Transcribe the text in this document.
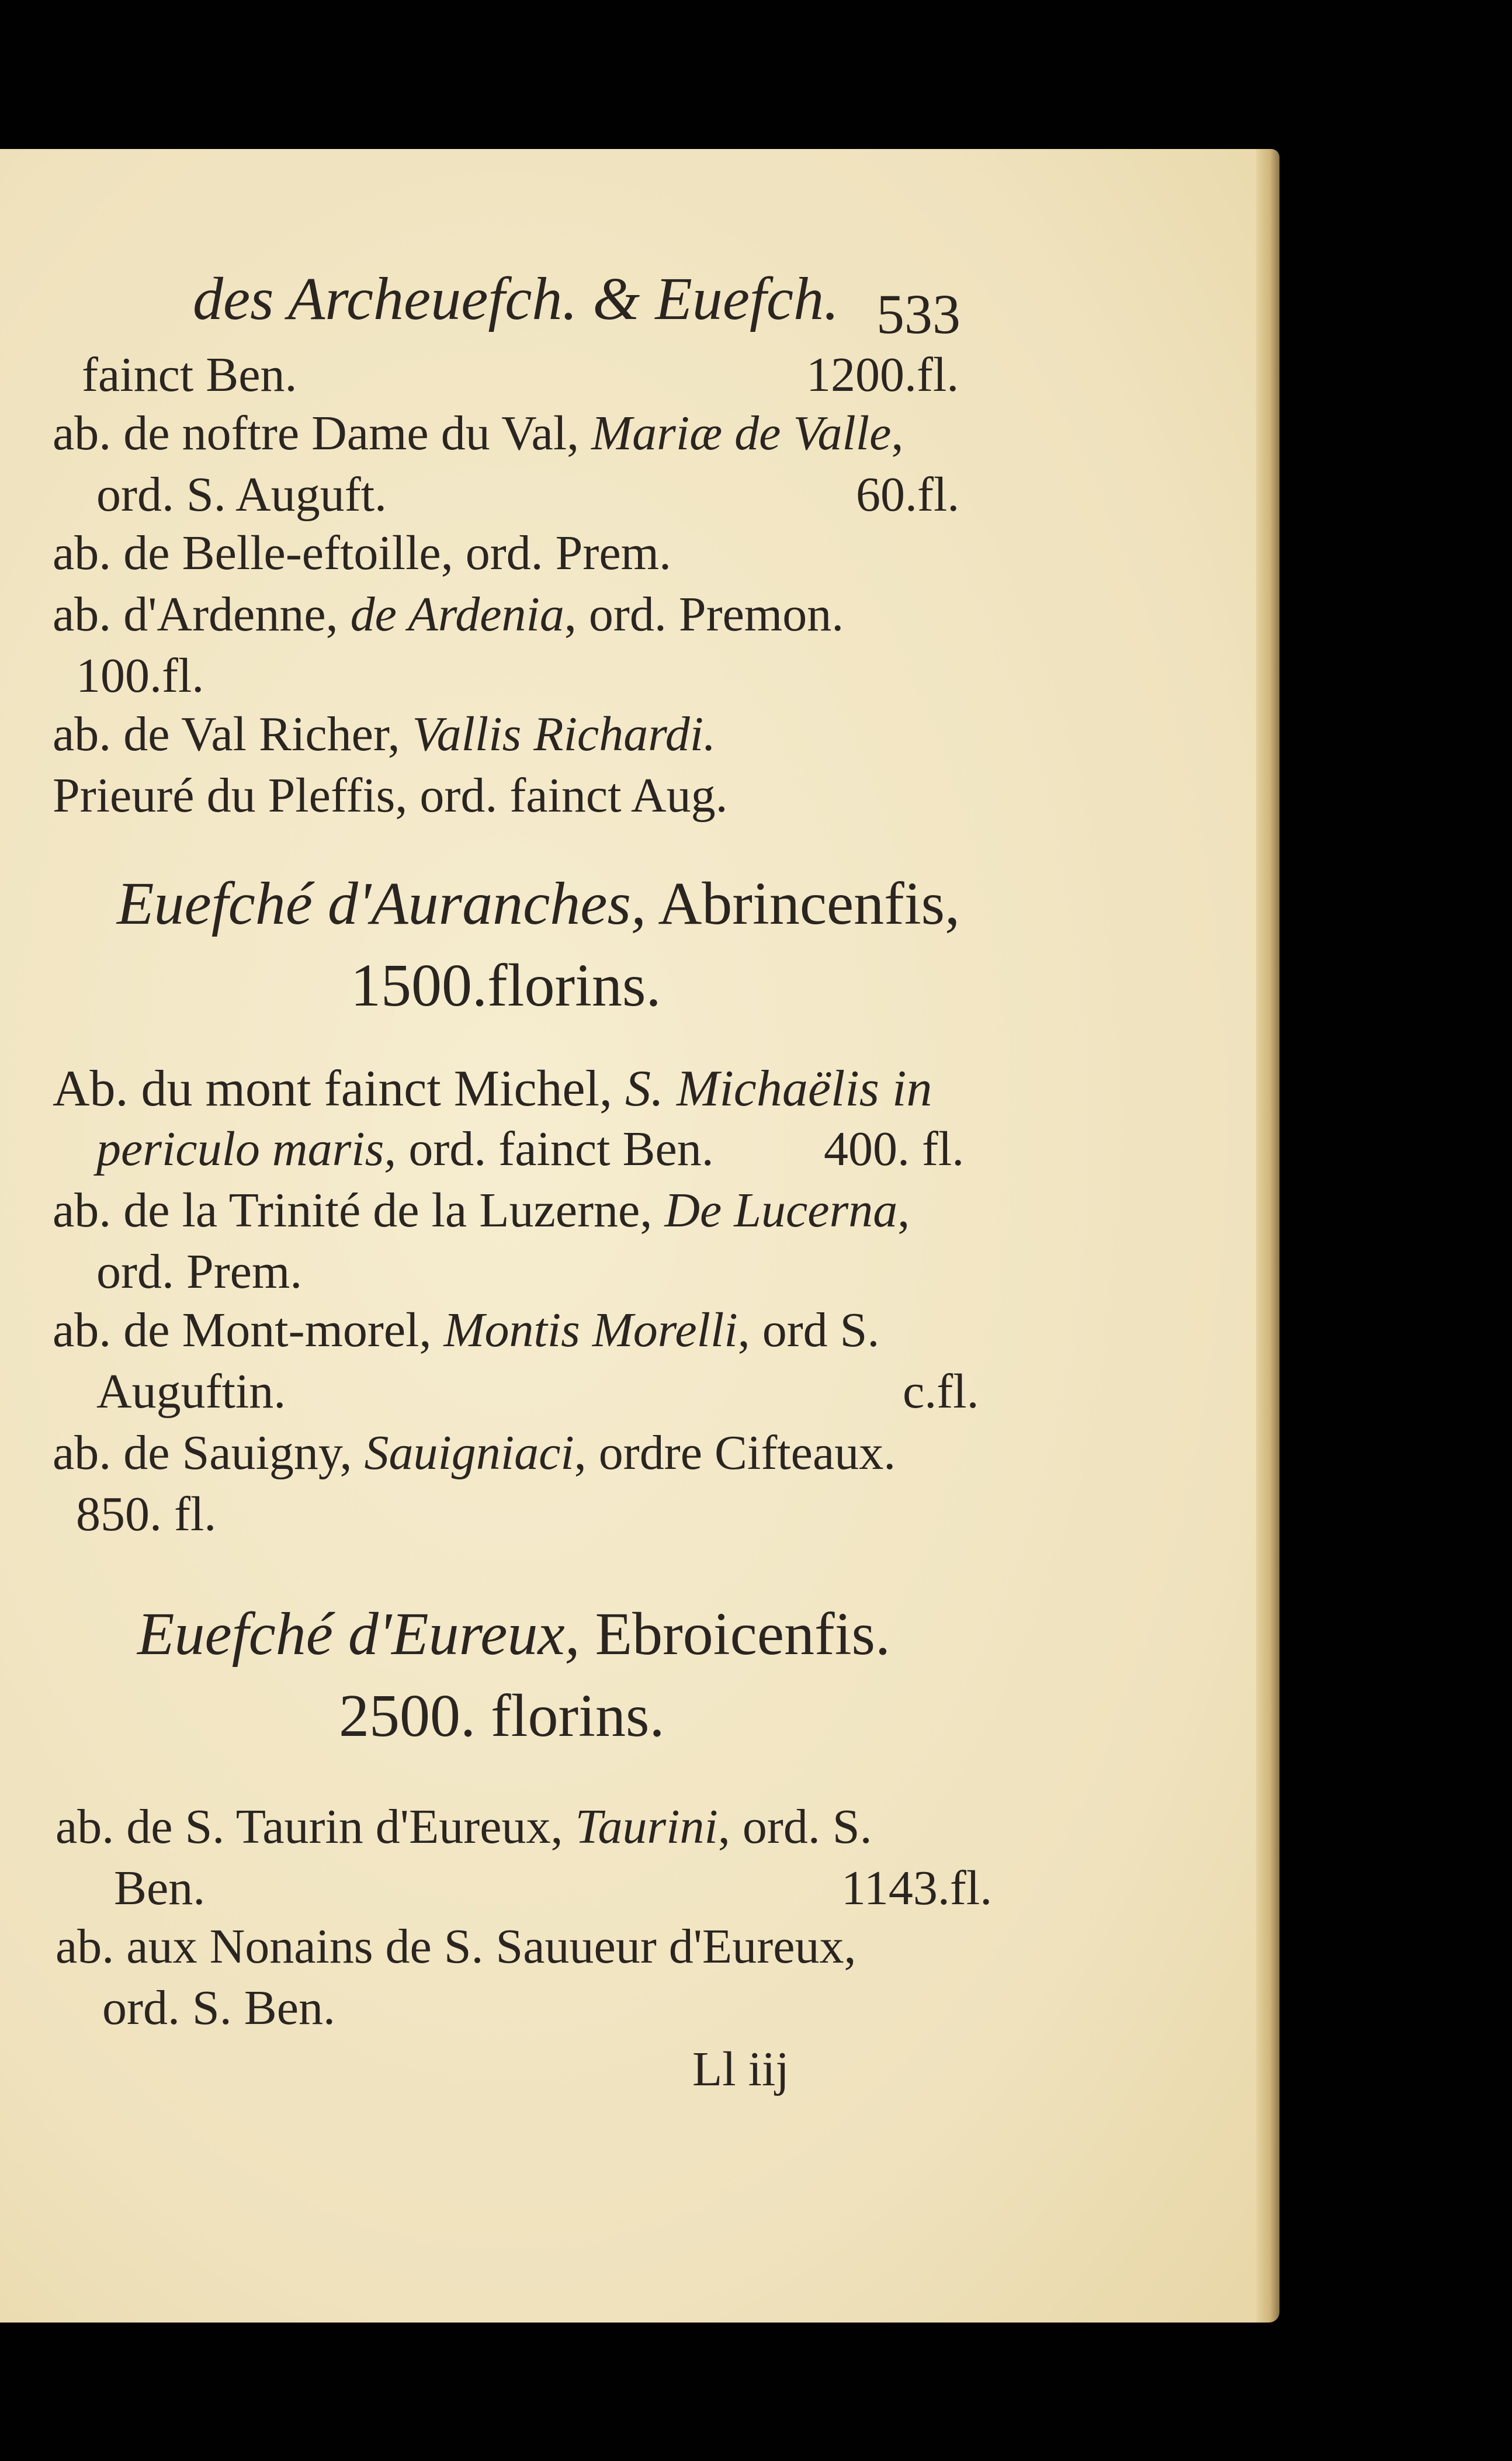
des Archeuefch. & Euefch. 533
fainct Ben.	1200.fl.
ab. de noftre Dame du Val, Mariæ de Valle,
ord. S. Auguft.	60.fl.
ab. de Belle-eftoille, ord. Prem.
ab. d'Ardenne, de Ardenia, ord. Premon.
100.fl.
ab. de Val Richer, Vallis Richardi.
Prieuré du Pleffis, ord. fainct Aug.
Euefché d'Auranches, Abrincenfis,
1500.florins.
Ab. du mont fainct Michel, S. Michaëlis in
periculo maris, ord. fainct Ben. 400. fl.
ab. de la Trinité de la Luzerne, De Lucerna,
ord. Prem.
ab. de Mont-morel, Montis Morelli, ord S.
Auguftin.	c.fl.
ab. de Sauigny, Sauigniaci, ordre Cifteaux.
850. fl.
Euefché d'Eureux, Ebroicenfis.
2500. florins.
ab. de S. Taurin d'Eureux, Taurini, ord. S.
Ben.	1143.fl.
ab. aux Nonains de S. Sauueur d'Eureux,
ord. S. Ben.
Ll iij
